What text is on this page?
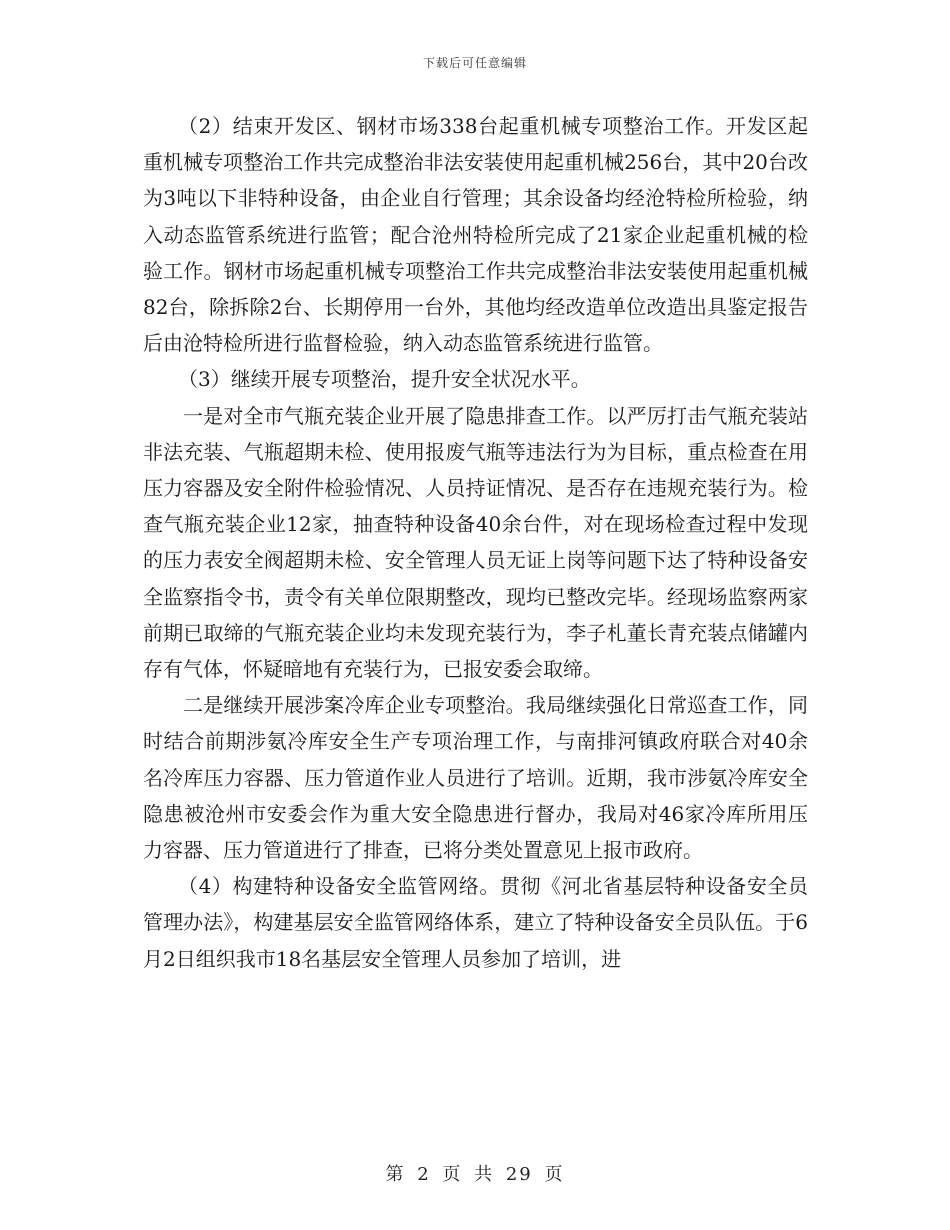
下载后可任意编辑

（2）结束开发区、钢材市场338台起重机械专项整治工作。开发区起重机械专项整治工作共完成整治非法安装使用起重机械256台，其中20台改为3吨以下非特种设备，由企业自行管理；其余设备均经沧特检所检验，纳入动态监管系统进行监管；配合沧州特检所完成了21家企业起重机械的检验工作。钢材市场起重机械专项整治工作共完成整治非法安装使用起重机械82台，除拆除2台、长期停用一台外，其他均经改造单位改造出具鉴定报告后由沧特检所进行监督检验，纳入动态监管系统进行监管。

（3）继续开展专项整治，提升安全状况水平。

一是对全市气瓶充装企业开展了隐患排查工作。以严厉打击气瓶充装站非法充装、气瓶超期未检、使用报废气瓶等违法行为为目标，重点检查在用压力容器及安全附件检验情况、人员持证情况、是否存在违规充装行为。检查气瓶充装企业12家，抽查特种设备40余台件，对在现场检查过程中发现的压力表安全阀超期未检、安全管理人员无证上岗等问题下达了特种设备安全监察指令书，责令有关单位限期整改，现均已整改完毕。经现场监察两家前期已取缔的气瓶充装企业均未发现充装行为，李子札董长青充装点储罐内存有气体，怀疑暗地有充装行为，已报安委会取缔。

二是继续开展涉案冷库企业专项整治。我局继续强化日常巡查工作，同时结合前期涉氨冷库安全生产专项治理工作，与南排河镇政府联合对40余名冷库压力容器、压力管道作业人员进行了培训。近期，我市涉氨冷库安全隐患被沧州市安委会作为重大安全隐患进行督办，我局对46家冷库所用压力容器、压力管道进行了排查，已将分类处置意见上报市政府。

（4）构建特种设备安全监管网络。贯彻《河北省基层特种设备安全员管理办法》，构建基层安全监管网络体系，建立了特种设备安全员队伍。于6月2日组织我市18名基层安全管理人员参加了培训，进

第 2 页 共 29 页
